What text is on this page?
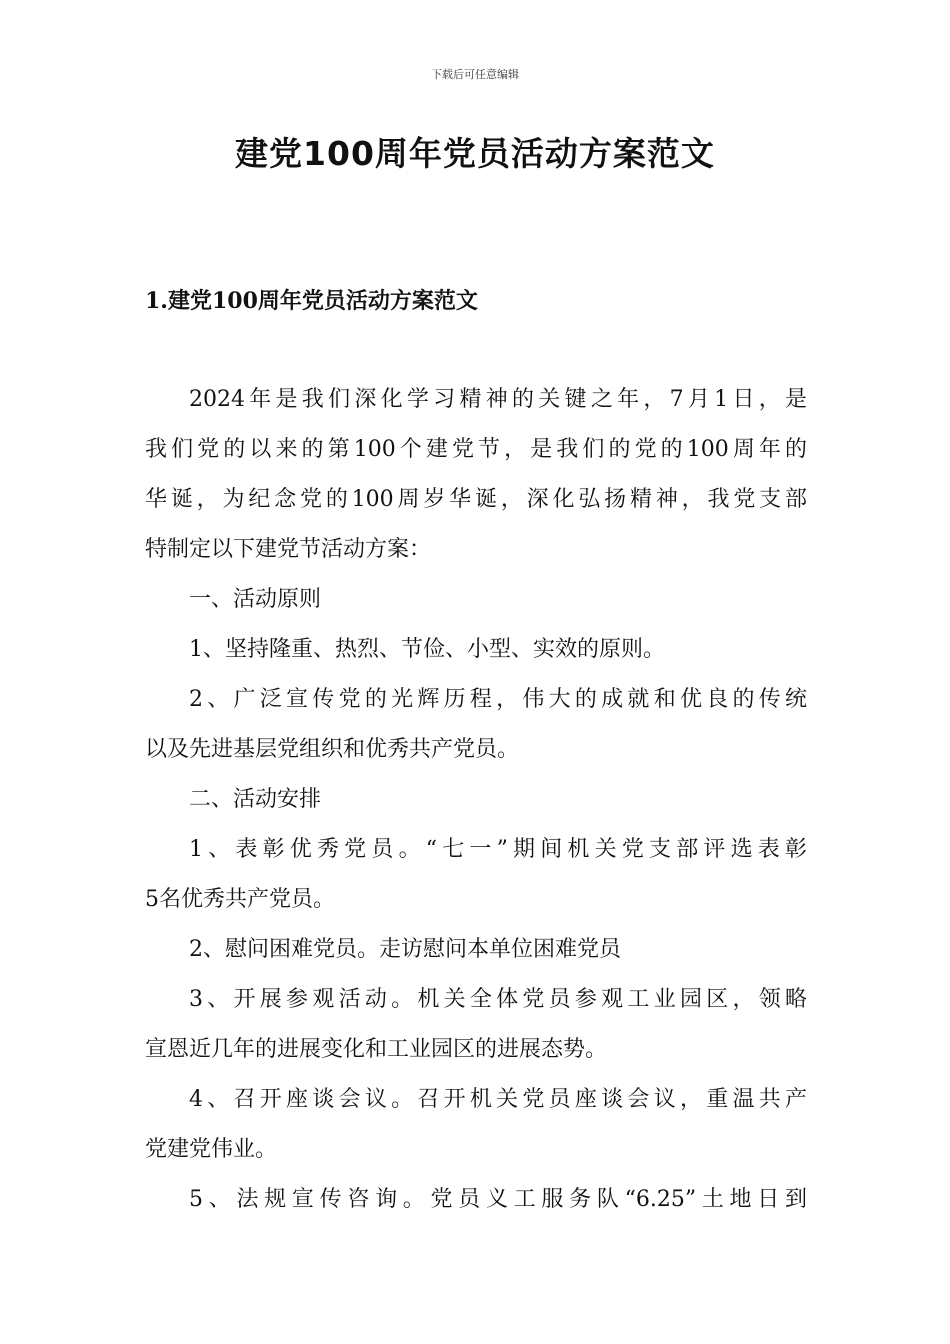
下载后可任意编辑
建党100周年党员活动方案范文
1.建党100周年党员活动方案范文
2024年是我们深化学习精神的关键之年，7月1日，是
我们党的以来的第100个建党节，是我们的党的100周年的
华诞，为纪念党的100周岁华诞，深化弘扬精神，我党支部
特制定以下建党节活动方案：
一、活动原则
1、坚持隆重、热烈、节俭、小型、实效的原则。
2、广泛宣传党的光辉历程，伟大的成就和优良的传统
以及先进基层党组织和优秀共产党员。
二、活动安排
1、表彰优秀党员。“七一”期间机关党支部评选表彰
5名优秀共产党员。
2、慰问困难党员。走访慰问本单位困难党员
3、开展参观活动。机关全体党员参观工业园区，领略
宣恩近几年的进展变化和工业园区的进展态势。
4、召开座谈会议。召开机关党员座谈会议，重温共产
党建党伟业。
5、法规宣传咨询。党员义工服务队“6.25”土地日到
